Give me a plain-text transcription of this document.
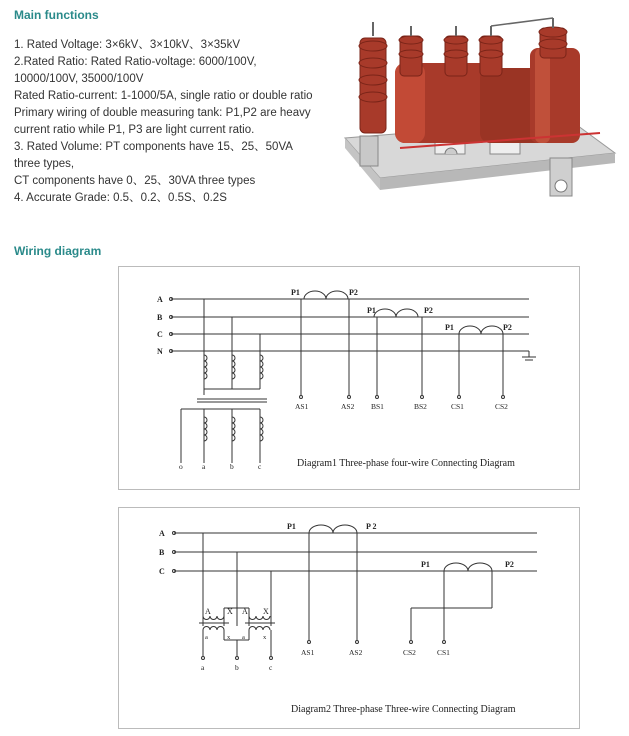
Main functions
1. Rated Voltage: 3×6kV、3×10kV、3×35kV
2.Rated Ratio: Rated Ratio-voltage: 6000/100V,
10000/100V, 35000/100V
Rated Ratio-current: 1-1000/5A, single ratio or double ratio
Primary wiring of double measuring tank: P1,P2 are heavy
current ratio while P1, P3 are light current ratio.
3. Rated Volume: PT components have 15、25、50VA
three types,
CT components have 0、25、30VA three types
4. Accurate Grade: 0.5、0.2、0.5S、0.2S
Wiring diagram
A
B
C
N
P1	P2
P1	P2
P1	P2
AS1	AS2 BS1	BS2	CS1	CS2
o	a	b	c	Diagram1 Three-phase four-wire Connecting Diagram
A
B
C
P1	P 2
P1	P2
A X A X
a	x a	x
AS1	AS2	CS2	CS1
a	b	c
Diagram2 Three-phase Three-wire Connecting Diagram
